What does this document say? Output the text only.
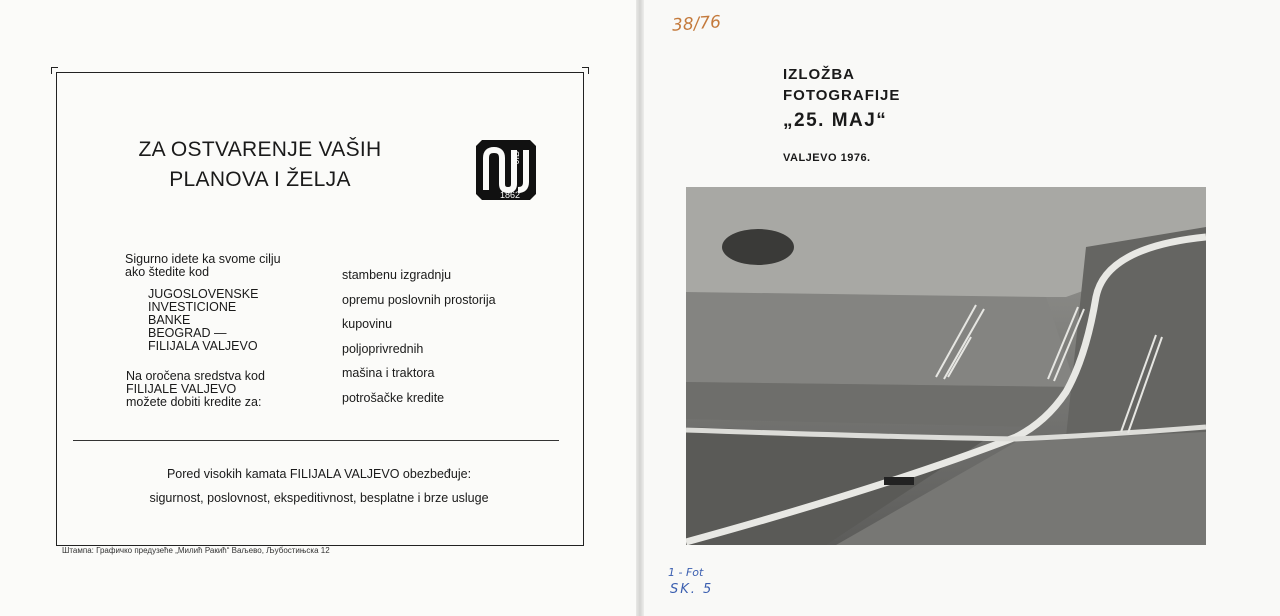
ZA OSTVARENJE VAŠIH
PLANOVA I ŽELJA
JIB
1862
Sigurno idete ka svome cilju
ako štedite kod
JUGOSLOVENSKE
INVESTICIONE
BANKE
BEOGRAD —
FILIJALA VALJEVO
Na oročena sredstva kod
FILIJALE VALJEVO
možete dobiti kredite za:
stambenu izgradnju
opremu poslovnih prostorija
kupovinu
poljoprivrednih
mašina i traktora
potrošačke kredite
Pored visokih kamata FILIJALA VALJEVO obezbeđuje:
sigurnost, poslovnost, ekspeditivnost, besplatne i brze usluge
Штампа: Графичко предузеће „Милић Ракић“ Ваљево, Љубостињска 12
38/76
IZLOŽBA
FOTOGRAFIJE
„25. MAJ“
VALJEVO 1976.
1 - Fot
SK. 5
